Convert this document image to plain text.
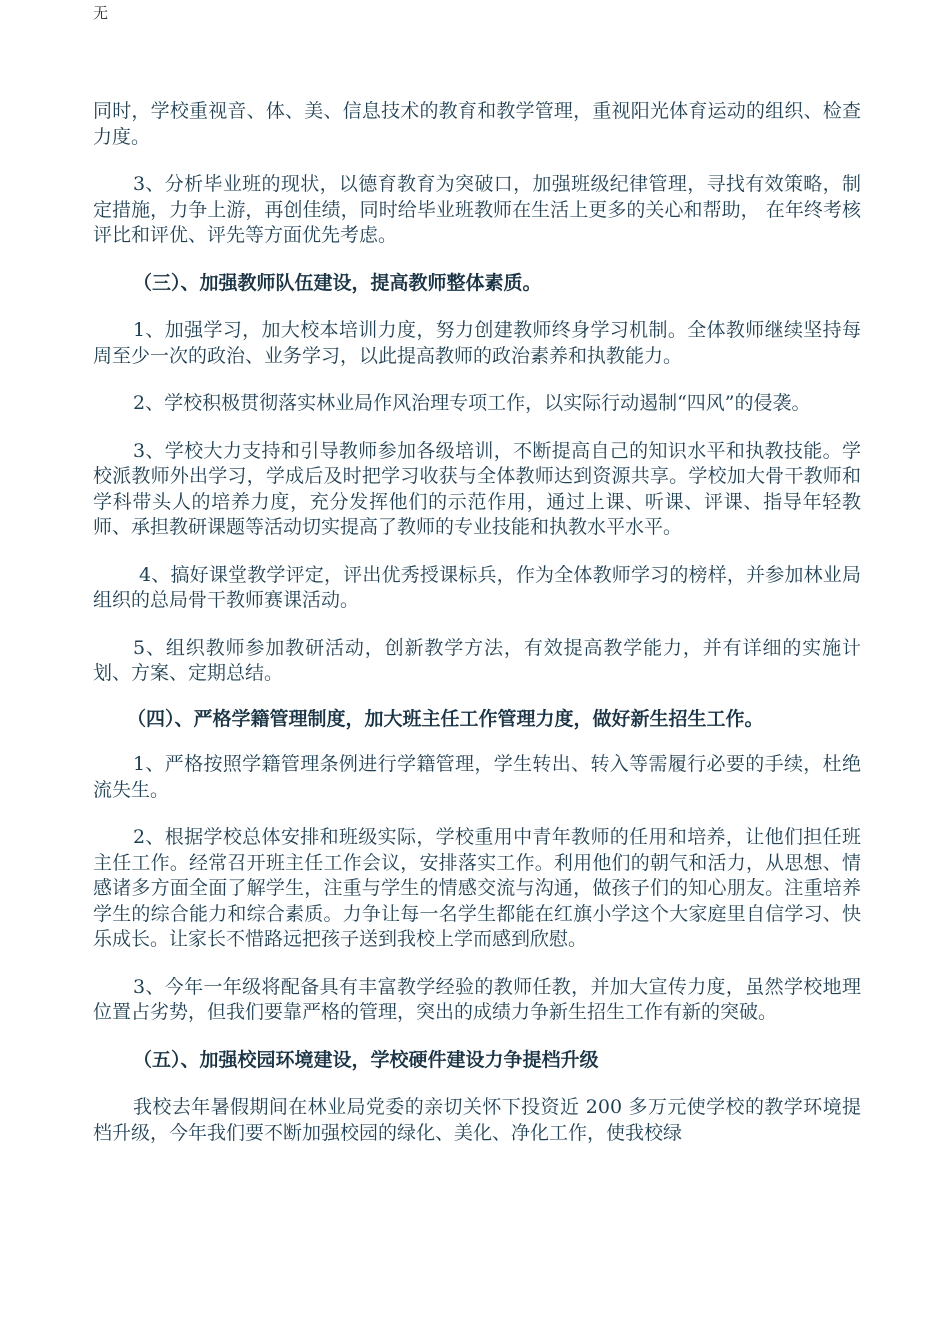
无

同时，学校重视音、体、美、信息技术的教育和教学管理，重视阳光体育运动的组织、检查力度。

3、分析毕业班的现状，以德育教育为突破口，加强班级纪律管理，寻找有效策略，制定措施，力争上游，再创佳绩，同时给毕业班教师在生活上更多的关心和帮助， 在年终考核评比和评优、评先等方面优先考虑。

（三）、加强教师队伍建设，提高教师整体素质。

1、加强学习，加大校本培训力度，努力创建教师终身学习机制。全体教师继续坚持每周至少一次的政治、业务学习，以此提高教师的政治素养和执教能力。

2、学校积极贯彻落实林业局作风治理专项工作，以实际行动遏制“四风”的侵袭。

3、学校大力支持和引导教师参加各级培训，不断提高自己的知识水平和执教技能。学校派教师外出学习，学成后及时把学习收获与全体教师达到资源共享。学校加大骨干教师和学科带头人的培养力度，充分发挥他们的示范作用，通过上课、听课、评课、指导年轻教师、承担教研课题等活动切实提高了教师的专业技能和执教水平水平。

4、搞好课堂教学评定，评出优秀授课标兵，作为全体教师学习的榜样，并参加林业局组织的总局骨干教师赛课活动。

5、组织教师参加教研活动，创新教学方法，有效提高教学能力，并有详细的实施计划、方案、定期总结。

（四）、严格学籍管理制度，加大班主任工作管理力度，做好新生招生工作。

1、严格按照学籍管理条例进行学籍管理，学生转出、转入等需履行必要的手续，杜绝流失生。

2、根据学校总体安排和班级实际，学校重用中青年教师的任用和培养，让他们担任班主任工作。经常召开班主任工作会议，安排落实工作。利用他们的朝气和活力，从思想、情感诸多方面全面了解学生，注重与学生的情感交流与沟通，做孩子们的知心朋友。注重培养学生的综合能力和综合素质。力争让每一名学生都能在红旗小学这个大家庭里自信学习、快乐成长。让家长不惜路远把孩子送到我校上学而感到欣慰。

3、今年一年级将配备具有丰富教学经验的教师任教，并加大宣传力度，虽然学校地理位置占劣势，但我们要靠严格的管理，突出的成绩力争新生招生工作有新的突破。

（五）、加强校园环境建设，学校硬件建设力争提档升级

我校去年暑假期间在林业局党委的亲切关怀下投资近 200 多万元使学校的教学环境提档升级，今年我们要不断加强校园的绿化、美化、净化工作，使我校绿
